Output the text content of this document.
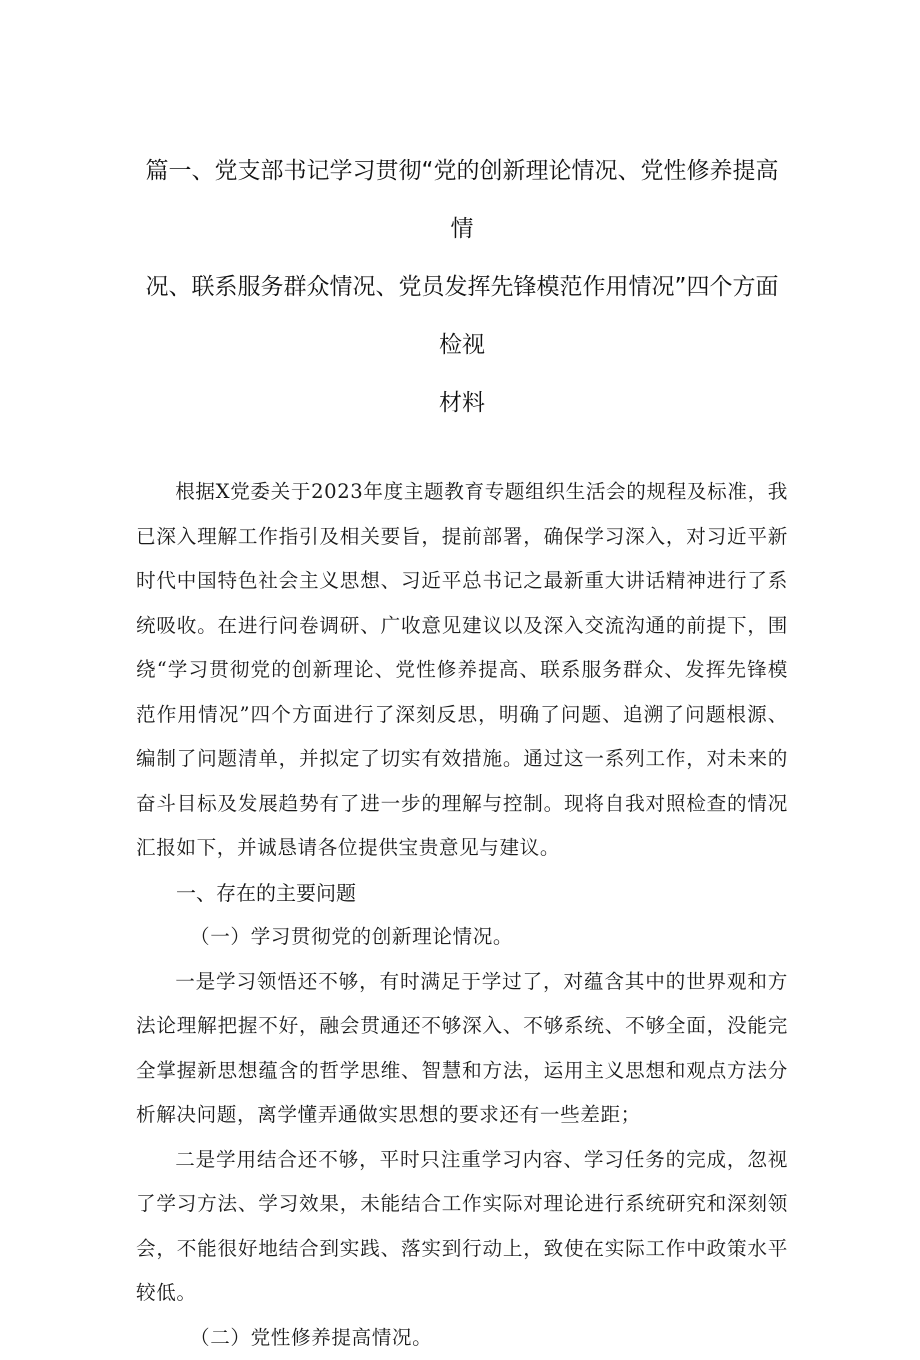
篇一、党支部书记学习贯彻“党的创新理论情况、党性修养提高情
况、联系服务群众情况、党员发挥先锋模范作用情况”四个方面检视
材料

根据X党委关于2023年度主题教育专题组织生活会的规程及标准，我已深入理解工作指引及相关要旨，提前部署，确保学习深入，对习近平新时代中国特色社会主义思想、习近平总书记之最新重大讲话精神进行了系统吸收。在进行问卷调研、广收意见建议以及深入交流沟通的前提下，围绕“学习贯彻党的创新理论、党性修养提高、联系服务群众、发挥先锋模范作用情况”四个方面进行了深刻反思，明确了问题、追溯了问题根源、编制了问题清单，并拟定了切实有效措施。通过这一系列工作，对未来的奋斗目标及发展趋势有了进一步的理解与控制。现将自我对照检查的情况汇报如下，并诚恳请各位提供宝贵意见与建议。

一、存在的主要问题

（一）学习贯彻党的创新理论情况。

一是学习领悟还不够，有时满足于学过了，对蕴含其中的世界观和方法论理解把握不好，融会贯通还不够深入、不够系统、不够全面，没能完全掌握新思想蕴含的哲学思维、智慧和方法，运用主义思想和观点方法分析解决问题，离学懂弄通做实思想的要求还有一些差距；

二是学用结合还不够，平时只注重学习内容、学习任务的完成，忽视了学习方法、学习效果，未能结合工作实际对理论进行系统研究和深刻领会，不能很好地结合到实践、落实到行动上，致使在实际工作中政策水平较低。

（二）党性修养提高情况。
